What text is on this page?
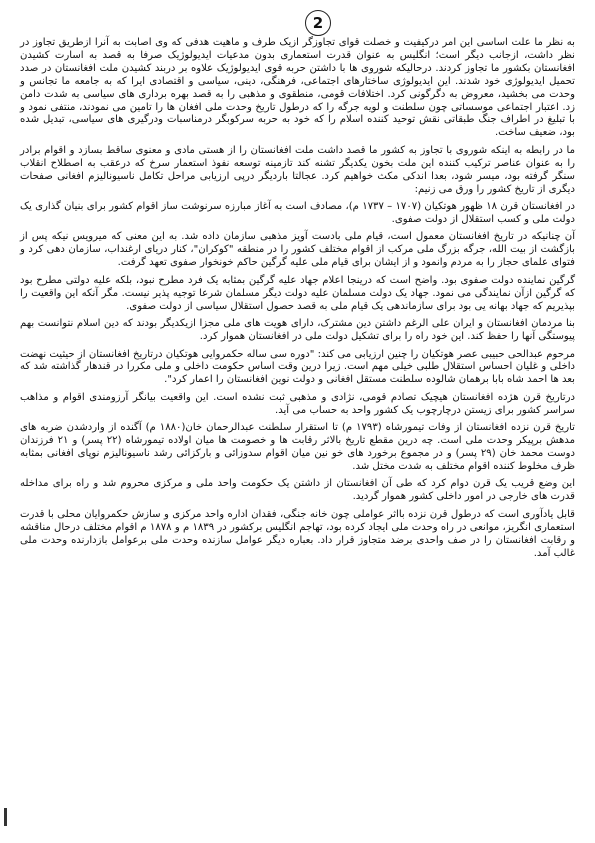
2

به نظر ما علت اساسی این امر درکیفیت و خصلت قوای تجاوزگر ازیک طرف و ماهیت هدفی که وی اصابت به آنرا ازطریق تجاوز در نظر داشت، ازجانب دیگر است؛ انگلیس به عنوان قدرت استعماری بدون مدعیات ایدیولوژیک صرفا به قصد به اسارت کشیدن افغانستان بکشور ما تجاوز کردند. درحالیکه شوروی ها با داشتن حربه قوی ایدیولوژیک علاوه بر دربند کشیدن ملت افغانستان در صدد تحمیل ایدیولوژی خود شدند. این ایدیولوژی ساختارهای اجتماعی، فرهنگی، دینی، سیاسی و اقتصادی ایرا که به جامعه ما تجانس و وحدت می بخشید، معروض به دگرگونی کرد. اختلافات قومی، منطقوی و مذهبی را به قصد بهره برداری های سیاسی به شدت دامن زد. اعتبار اجتماعی موسساتی چون سلطنت و لویه جرگه را که درطول تاریخ وحدت ملی افغان ها را تامین می نمودند، منتفی نمود و با تبلیغ در اطراف جنگ طبقاتی نقش توحید کننده اسلام را که خود به حربه سرکوبگر درمناسبات ودرگیری های سیاسی، تبدیل شده بود، ضعیف ساخت.

ما در رابطه به اینکه شوروی با تجاوز به کشور ما قصد داشت ملت افغانستان را از هستی مادی و معنوی ساقط بسازد و اقوام برادر را به عنوان عناصر ترکیب کننده این ملت بخون یکدیگر تشنه کند تازمینه توسعه نفوذ استعمار سرخ که درعقب به اصطلاح انقلاب سنگر گرفته بود، میسر شود، بعدا اندکی مکث خواهیم کرد. عجالتا باردیگر درپی ارزیابی مراحل تکامل ناسیونالیزم افغانی صفحات دیگری از تاریخ کشور را ورق می زنیم:

در افغانستان قرن ۱۸ ظهور هوتکیان (۱۷۰۷ – ۱۷۳۷ م)، مصادف است به آغاز مبارزه سرنوشت ساز اقوام کشور برای بنیان گذاری یک دولت ملی و کسب استقلال از دولت صفوی.

آن چنانیکه در تاریخ افغانستان معمول است، قیام ملی بادست آویز مذهبی سازمان داده شد. به این معنی که میرویس نیکه پس از بازگشت از بیت الله، جرگه بزرگ ملی مرکب از اقوام مختلف کشور را در منطقه "کوکران"، کنار دریای ارغنداب، سازمان دهی کرد و فتوای علمای حجاز را به مردم وانمود و از ایشان برای قیام ملی علیه گرگین حاکم خونخوار صفوی تعهد گرفت.

گرگین نماینده دولت صفوی بود. واضح است که درینجا اعلام جهاد علیه گرگین بمثابه یک فرد مطرح نبود، بلکه علیه دولتی مطرح بود که گرگین ازآن نمایندگی می نمود. جهاد یک دولت مسلمان علیه دولت دیگر مسلمان شرعا توجیه پذیر نیست. مگر آنکه این واقعیت را بپذیریم که جهاد بهانه یی بود برای سازماندهی یک قیام ملی به قصد حصول استقلال سیاسی از دولت صفوی.

بنا مردمان افغانستان و ایران علی الرغم داشتن دین مشترک، دارای هویت های ملی مجزا ازیکدیگر بودند که دین اسلام نتوانست بهم پیوستگی آنها را حفظ کند. این خود راه را برای تشکیل دولت ملی در افغانستان هموار کرد.

مرحوم عبدالحی حبیبی عصر هوتکیان را چنین ارزیابی می کند: "دوره سی ساله حکمروایی هوتکیان درتاریخ افغانستان از حیثیت نهضت داخلی و غلیان احساس استقلال طلبی خیلی مهم است. زیرا درین وقت اساس حکومت داخلی و ملی مکررا در قندهار گذاشته شد که بعد ها احمد شاه بابا برهمان شالوده سلطنت مستقل افغانی و دولت نوین افغانستان را اعمار کرد".

درتاریخ قرن هژده افغانستان هیچیک تصادم قومی، نژادی و مذهبی ثبت نشده است. این واقعیت بیانگر آرزومندی اقوام و مذاهب سراسر کشور برای زیستن درچارچوب یک کشور واحد به حساب می آید.

تاریخ قرن نزده افغانستان از وفات تیمورشاه (۱۷۹۳ م) تا استقرار سلطنت عبدالرحمان خان(۱۸۸۰ م) آگنده از واردشدن ضربه های مدهش برپیکر وحدت ملی است. چه درین مقطع تاریخ بالاثر رقابت ها و خصومت ها میان اولاده تیمورشاه (۲۲ پسر) و ۲۱ فرزندان دوست محمد خان (۲۹ پسر) و در مجموع برخورد های خو نین میان اقوام سدوزائی و بارکزائی رشد ناسیونالیزم نوپای افغانی بمثابه ظرف مخلوط کننده اقوام مختلف به شدت مختل شد.

این وضع قریب یک قرن دوام کرد که طی آن افغانستان از داشتن یک حکومت واحد ملی و مرکزی محروم شد و راه برای مداخله قدرت های خارجی در امور داخلی کشور هموار گردید.

قابل یادآوری است که درطول قرن نزده بااثر عواملی چون خانه جنگی، فقدان اداره واحد مرکزی و سازش حکمروایان محلی با قدرت استعماری انگریز، موانعی در راه وحدت ملی ایجاد کرده بود، تهاجم انگلیس برکشور در ۱۸۳۹ م و ۱۸۷۸ م اقوام مختلف درحال مناقشه و رقابت افغانستان را در صف واحدی برضد متجاوز قرار داد. بعباره دیگر عوامل سازنده وحدت ملی برعوامل بازدارنده وحدت ملی غالب آمد.
